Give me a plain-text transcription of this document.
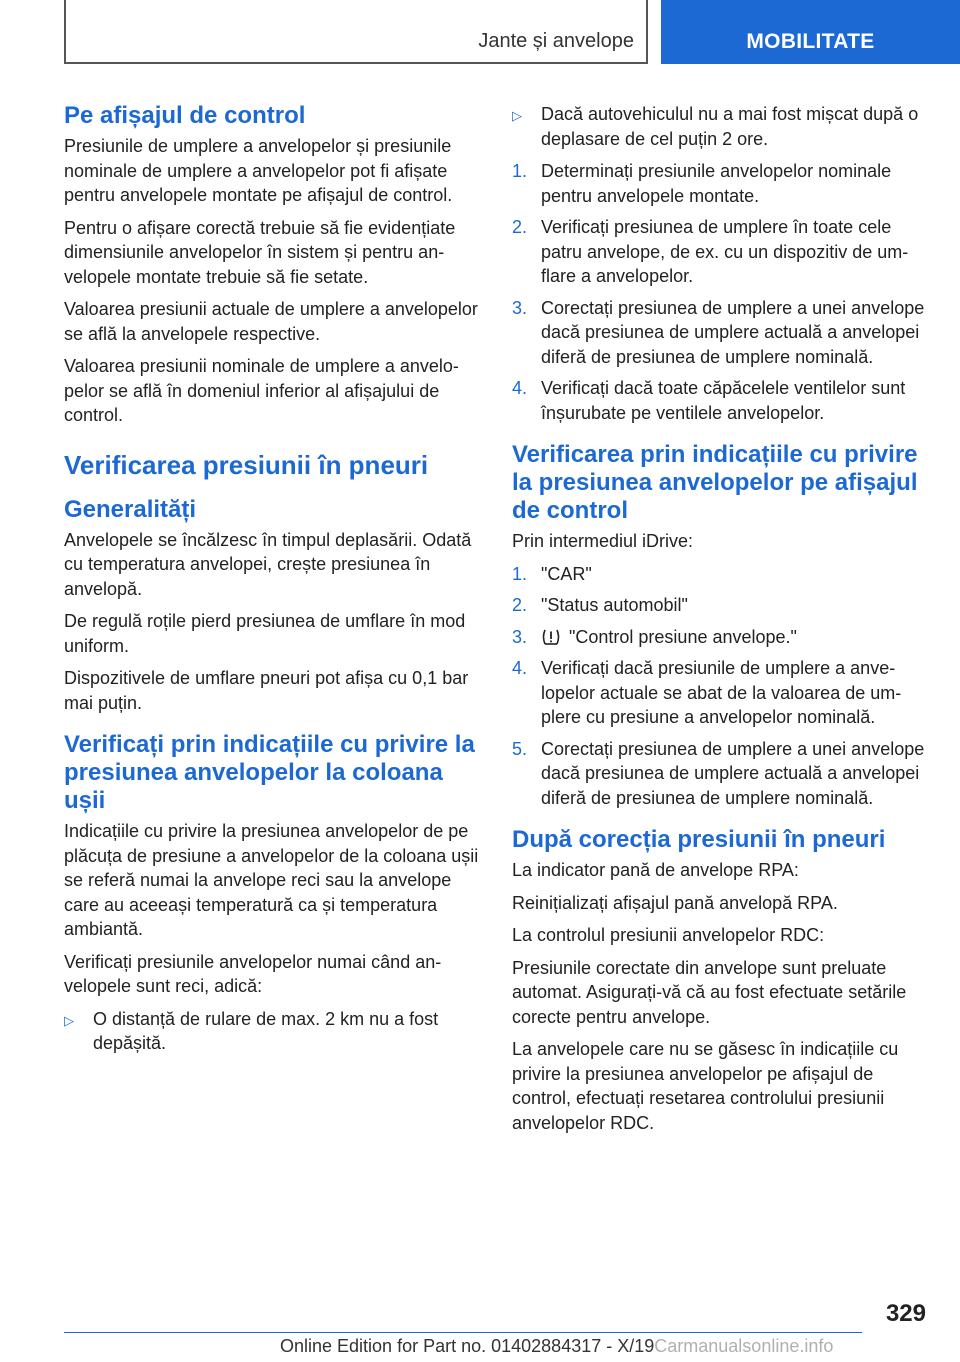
Jante și anvelope	MOBILITATE
Pe afișajul de control

Presiunile de umplere a anvelopelor și presiunile nominale de umplere a anvelopelor pot fi afișate pentru anvelopele montate pe afișajul de control.

Pentru o afișare corectă trebuie să fie evidențiate dimensiunile anvelopelor în sistem și pentru anvelopele montate trebuie să fie setate.

Valoarea presiunii actuale de umplere a anvelopelor se află la anvelopele respective.

Valoarea presiunii nominale de umplere a anvelopelor se află în domeniul inferior al afișajului de control.

Verificarea presiunii în pneuri
Generalități

Anvelopele se încălzesc în timpul deplasării. Odată cu temperatura anvelopei, crește presiunea în anvelopă.

De regulă roțile pierd presiunea de umflare în mod uniform.

Dispozitivele de umflare pneuri pot afișa cu 0,1 bar mai puțin.

Verificați prin indicațiile cu privire la presiunea anvelopelor la coloana ușii

Indicațiile cu privire la presiunea anvelopelor de pe plăcuța de presiune a anvelopelor de la coloana ușii se referă numai la anvelope reci sau la anvelope care au aceeași temperatură ca și temperatura ambiantă.

Verificați presiunile anvelopelor numai când anvelopele sunt reci, adică:

▷ O distanță de rulare de max. 2 km nu a fost depășită.
▷ Dacă autovehiculul nu a mai fost mișcat după o deplasare de cel puțin 2 ore.
1. Determinați presiunile anvelopelor nominale pentru anvelopele montate.
2. Verificați presiunea de umplere în toate cele patru anvelope, de ex. cu un dispozitiv de umflare a anvelopelor.
3. Corectați presiunea de umplere a unei anvelope dacă presiunea de umplere actuală a anvelopei diferă de presiunea de umplere nominală.
4. Verificați dacă toate căpăcelele ventilelor sunt înșurubate pe ventilele anvelopelor.
Verificarea prin indicațiile cu privire la presiunea anvelopelor pe afișajul de control

Prin intermediul iDrive:

1. "CAR"
2. "Status automobil"
3. "Control presiune anvelope."
4. Verificați dacă presiunile de umplere a anvelopelor actuale se abat de la valoarea de umplere cu presiune a anvelopelor nominală.
5. Corectați presiunea de umplere a unei anvelope dacă presiunea de umplere actuală a anvelopei diferă de presiunea de umplere nominală.
După corecția presiunii în pneuri

La indicator pană de anvelope RPA:

Reinițializați afișajul pană anvelopă RPA.

La controlul presiunii anvelopelor RDC:

Presiunile corectate din anvelope sunt preluate automat. Asigurați-vă că au fost efectuate setările corecte pentru anvelope.

La anvelopele care nu se găsesc în indicațiile cu privire la presiunea anvelopelor pe afișajul de control, efectuați resetarea controlului presiunii anvelopelor RDC.

329
Online Edition for Part no. 01402884317 - X/19Carmanualsonline.info
